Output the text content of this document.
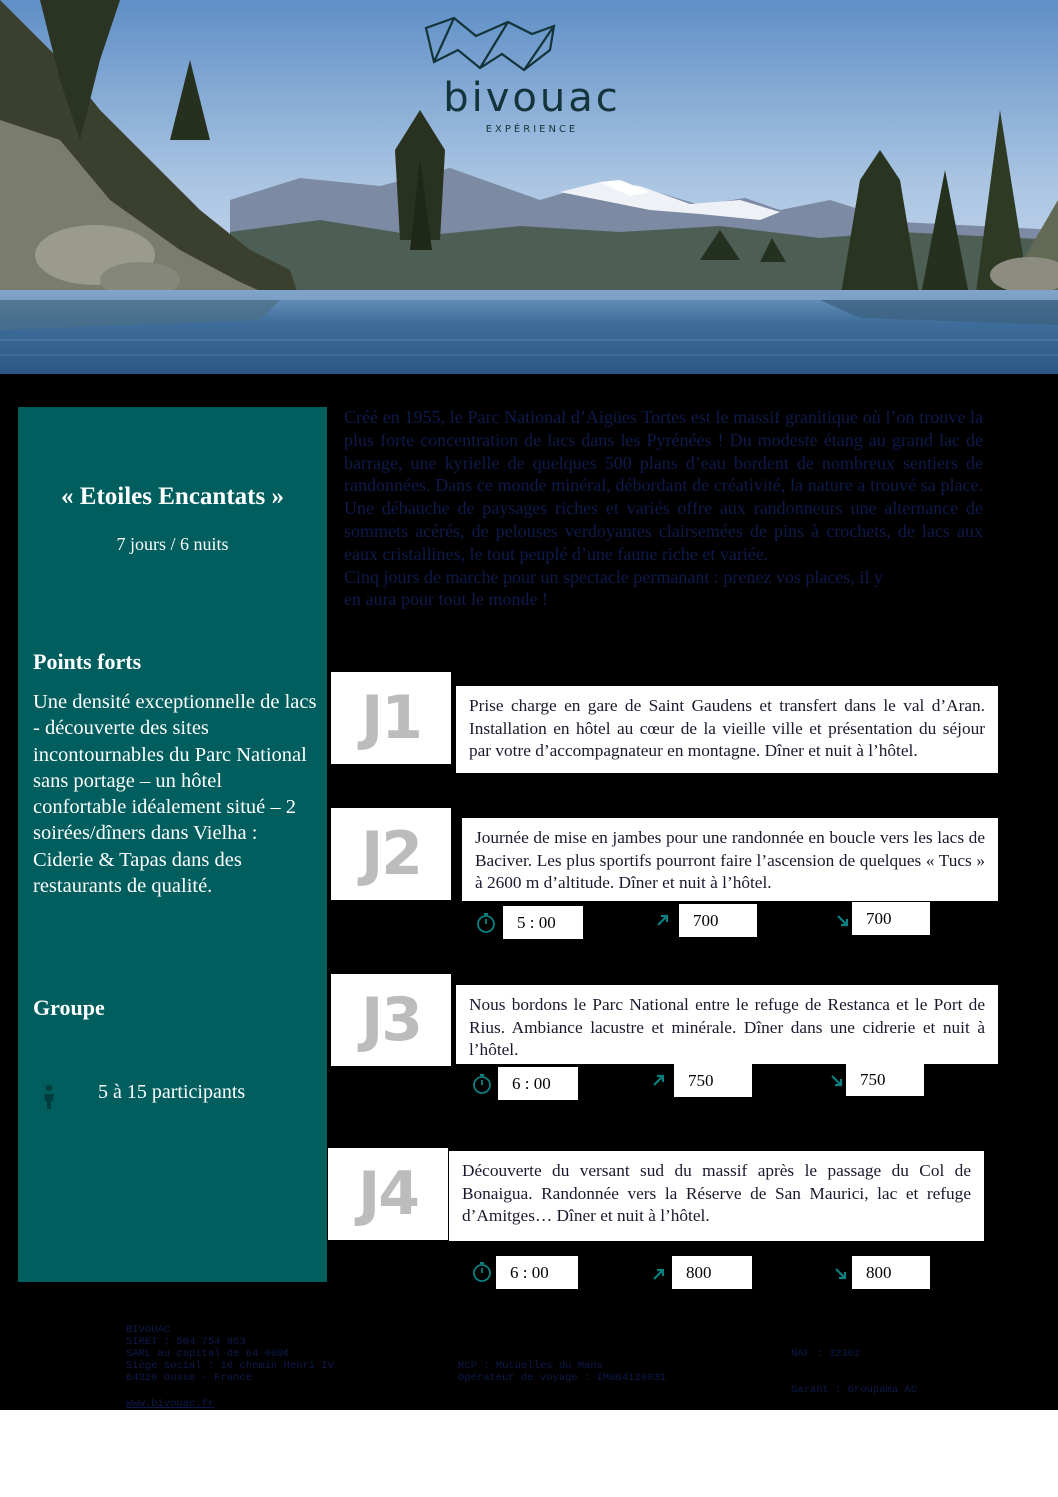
bivouac
EXPÉRIENCE
« Etoiles Encantats »
7 jours / 6 nuits
Points forts
Une densité exceptionnelle de lacs - découverte des sites incontournables du Parc National sans portage – un hôtel confortable idéalement situé – 2 soirées/dîners dans Vielha : Ciderie & Tapas dans des restaurants de qualité.
Groupe
5 à 15 participants

Créé en 1955, le Parc National d’Aigües Tortes est le massif granitique où l’on trouve la plus forte concentration de lacs dans les Pyrénées ! Du modeste étang au grand lac de barrage, une kyrielle de quelques 500 plans d’eau bordent de nombreux sentiers de randonnées. Dans ce monde minéral, débordant de créativité, la nature a trouvé sa place. Une débauche de paysages riches et variés offre aux randonneurs une alternance de sommets acérés, de pelouses verdoyantes clairsemées de pins à crochets, de lacs aux eaux cristallines, le tout peuplé d’une faune riche et variée.

Cinq jours de marche pour un spectacle permanant : prenez vos places, il y

en aura pour tout le monde !

J1	Prise charge en gare de Saint Gaudens et transfert dans le val d’Aran. Installation en hôtel au cœur de la vieille ville et présentation du séjour par votre d’accompagnateur en montagne. Dîner et nuit à l’hôtel.
J2	Journée de mise en jambes pour une randonnée en boucle vers les lacs de Baciver. Les plus sportifs pourront faire l’ascension de quelques « Tucs » à 2600 m d’altitude. Dîner et nuit à l’hôtel.
5 : 00	700	700
J3	Nous bordons le Parc National entre le refuge de Restanca et le Port de Rius. Ambiance lacustre et minérale. Dîner dans une cidrerie et nuit à l’hôtel.
6 : 00	750	750
J4	Découverte du versant sud du massif après le passage du Col de Bonaigua. Randonnée vers la Réserve de San Maurici, lac et refuge d’Amitges… Dîner et nuit à l’hôtel.
6 : 00	800	800
BIVOUAC
SIRET : 504 754 953
SARL au capital de 64 000€
Siège social : 16 chemin Henri IV
64320 Ousse - France
www.bivouac.fr
RCP : Mutuelles du Mans
Opérateur de voyage : IM064120031
NAF : 3230z
Garant : Groupama AC
